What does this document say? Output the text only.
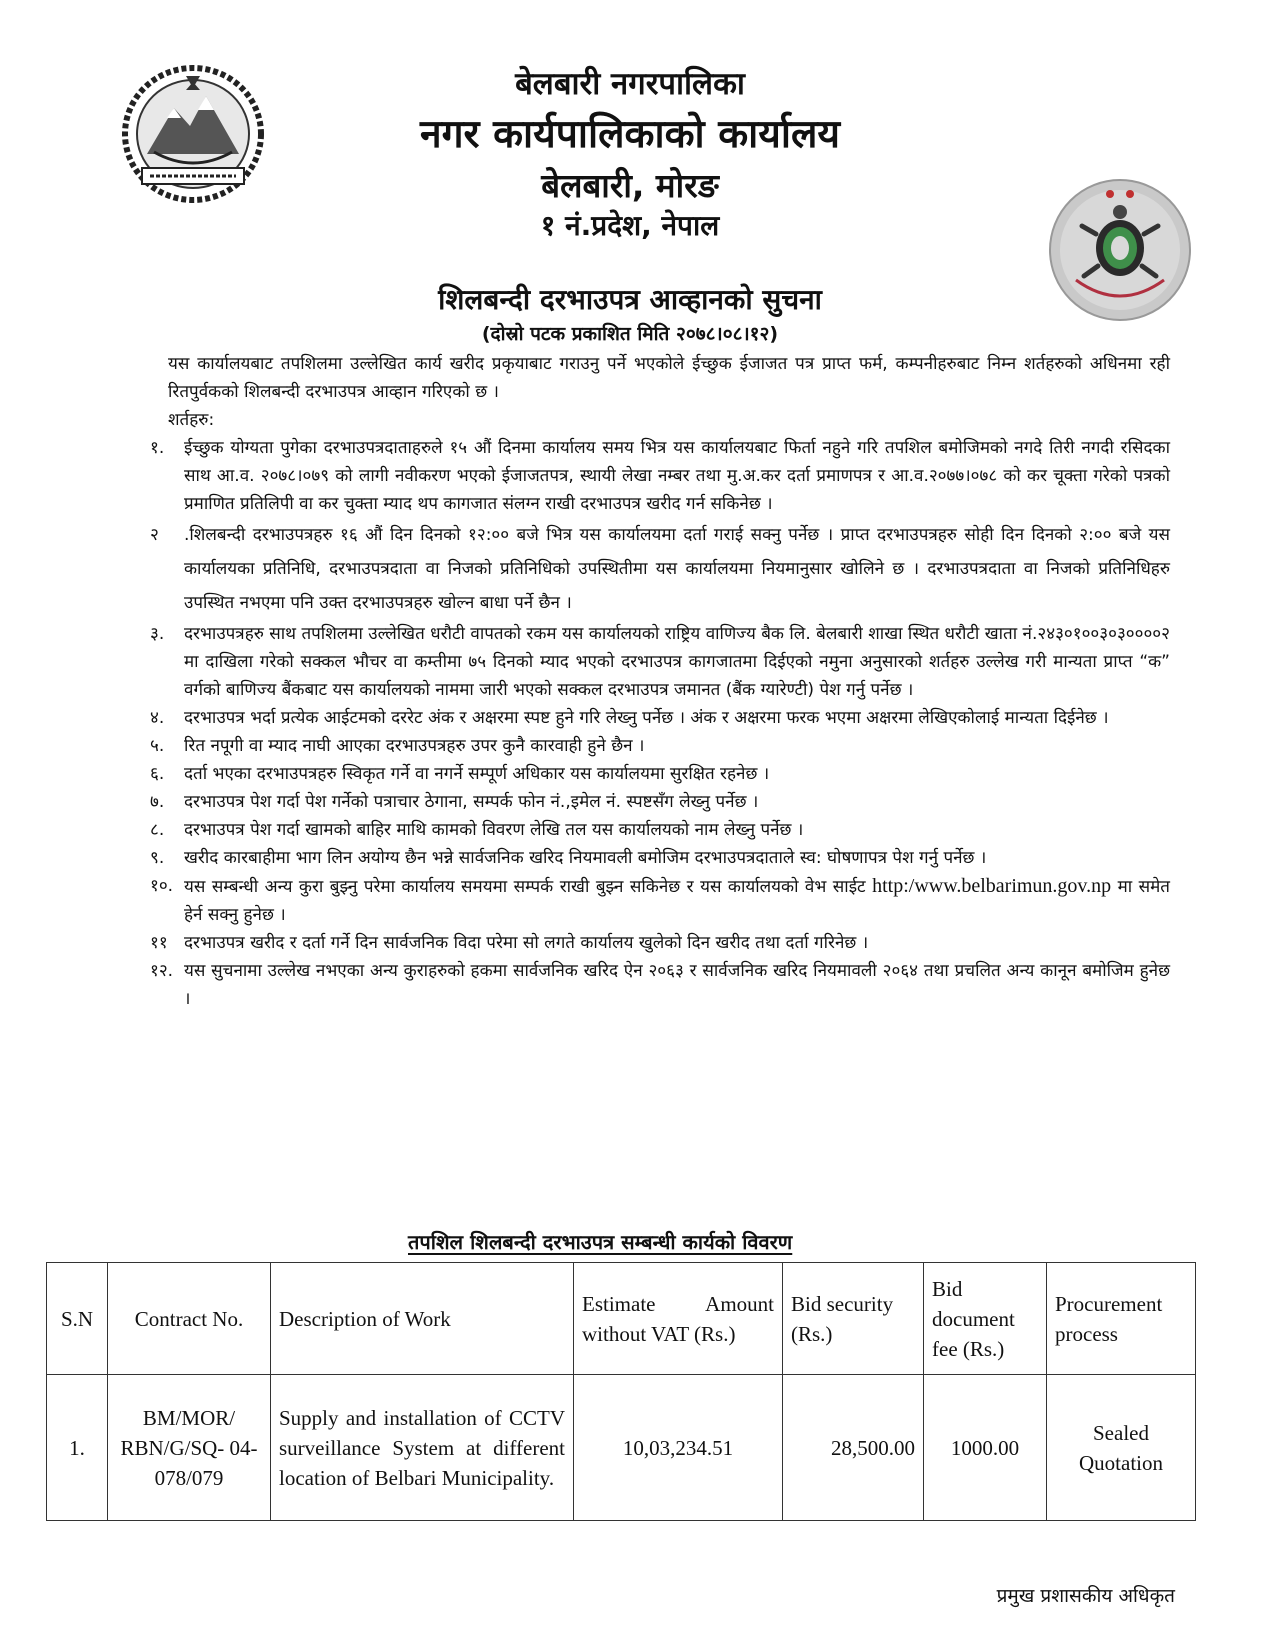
बेलबारी नगरपालिका
नगर कार्यपालिकाको कार्यालय
बेलबारी, मोरङ
१ नं.प्रदेश, नेपाल
शिलबन्दी दरभाउपत्र आव्हानको सुचना

(दोस्रो पटक प्रकाशित मिति २०७८।०८।१२)

यस कार्यालयबाट तपशिलमा उल्लेखित कार्य खरीद प्रकृयाबाट गराउनु पर्ने भएकोले ईच्छुक ईजाजत पत्र प्राप्त फर्म, कम्पनीहरुबाट निम्न शर्तहरुको अधिनमा रही रितपुर्वकको शिलबन्दी दरभाउपत्र आव्हान गरिएको छ ।

शर्तहरु:

१.	ईच्छुक योग्यता पुगेका दरभाउपत्रदाताहरुले १५ औं दिनमा कार्यालय समय भित्र यस कार्यालयबाट फिर्ता नहुने गरि तपशिल बमोजिमको नगदे तिरी नगदी रसिदका साथ आ.व. २०७८।०७९ को लागी नवीकरण भएको ईजाजतपत्र, स्थायी लेखा नम्बर तथा मु.अ.कर दर्ता प्रमाणपत्र र आ.व.२०७७।०७८ को कर चूक्ता गरेको पत्रको प्रमाणित प्रतिलिपी वा कर चुक्ता म्याद थप कागजात संलग्न राखी दरभाउपत्र खरीद गर्न सकिनेछ ।
२	.शिलबन्दी दरभाउपत्रहरु १६ औं दिन दिनको १२:०० बजे भित्र यस कार्यालयमा दर्ता गराई सक्नु पर्नेछ । प्राप्त दरभाउपत्रहरु सोही दिन दिनको २:०० बजे यस कार्यालयका प्रतिनिधि, दरभाउपत्रदाता वा निजको प्रतिनिधिको उपस्थितीमा यस कार्यालयमा नियमानुसार खोलिने छ । दरभाउपत्रदाता वा निजको प्रतिनिधिहरु उपस्थित नभएमा पनि उक्त दरभाउपत्रहरु खोल्न बाधा पर्ने छैन ।
३.	दरभाउपत्रहरु साथ तपशिलमा उल्लेखित धरौटी वापतको रकम यस कार्यालयको राष्ट्रिय वाणिज्य बैक लि. बेलबारी शाखा स्थित धरौटी खाता नं.२४३०१००३०३००००२ मा दाखिला गरेको सक्कल भौचर वा कम्तीमा ७५ दिनको म्याद भएको दरभाउपत्र कागजातमा दिईएको नमुना अनुसारको शर्तहरु उल्लेख गरी मान्यता प्राप्त “क” वर्गको बाणिज्य बैंकबाट यस कार्यालयको नाममा जारी भएको सक्कल दरभाउपत्र जमानत (बैंक ग्यारेण्टी) पेश गर्नु पर्नेछ ।
४.	दरभाउपत्र भर्दा प्रत्येक आईटमको दररेट अंक र अक्षरमा स्पष्ट हुने गरि लेख्नु पर्नेछ । अंक र अक्षरमा फरक भएमा अक्षरमा लेखिएकोलाई मान्यता दिईनेछ ।
५.	रित नपूगी वा म्याद नाघी आएका दरभाउपत्रहरु उपर कुनै कारवाही हुने छैन ।
६.	दर्ता भएका दरभाउपत्रहरु स्विकृत गर्ने वा नगर्ने सम्पूर्ण अधिकार यस कार्यालयमा सुरक्षित रहनेछ ।
७.	दरभाउपत्र पेश गर्दा पेश गर्नेको पत्राचार ठेगाना, सम्पर्क फोन नं.,इमेल नं. स्पष्टसँग लेख्नु पर्नेछ ।
८.	दरभाउपत्र पेश गर्दा खामको बाहिर माथि कामको विवरण लेखि तल यस कार्यालयको नाम लेख्नु पर्नेछ ।
९.	खरीद कारबाहीमा भाग लिन अयोग्य छैन भन्ने सार्वजनिक खरिद नियमावली बमोजिम दरभाउपत्रदाताले स्व: घोषणापत्र पेश गर्नु पर्नेछ ।
१०. यस सम्बन्धी अन्य कुरा बुझ्नु परेमा कार्यालय समयमा सम्पर्क राखी बुझ्न सकिनेछ र यस कार्यालयको वेभ साईट http:/www.belbarimun.gov.np मा समेत हेर्न सक्नु हुनेछ ।
११ दरभाउपत्र खरीद र दर्ता गर्ने दिन सार्वजनिक विदा परेमा सो लगते कार्यालय खुलेको दिन खरीद तथा दर्ता गरिनेछ ।
१२. यस सुचनामा उल्लेख नभएका अन्य कुराहरुको हकमा सार्वजनिक खरिद ऐन २०६३ र सार्वजनिक खरिद नियमावली २०६४ तथा प्रचलित अन्य कानून बमोजिम हुनेछ ।
तपशिल शिलबन्दी दरभाउपत्र सम्बन्धी कार्यको विवरण
S.N	Contract No.	Description of Work	Estimate Amount without VAT (Rs.)	Bid security (Rs.)	Bid document fee (Rs.)	Procurement process
1.	BM/MOR/ RBN/G/SQ- 04-078/079	Supply and installation of CCTV surveillance System at different location of Belbari Municipality.	10,03,234.51	28,500.00	1000.00	Sealed Quotation

प्रमुख प्रशासकीय अधिकृत
